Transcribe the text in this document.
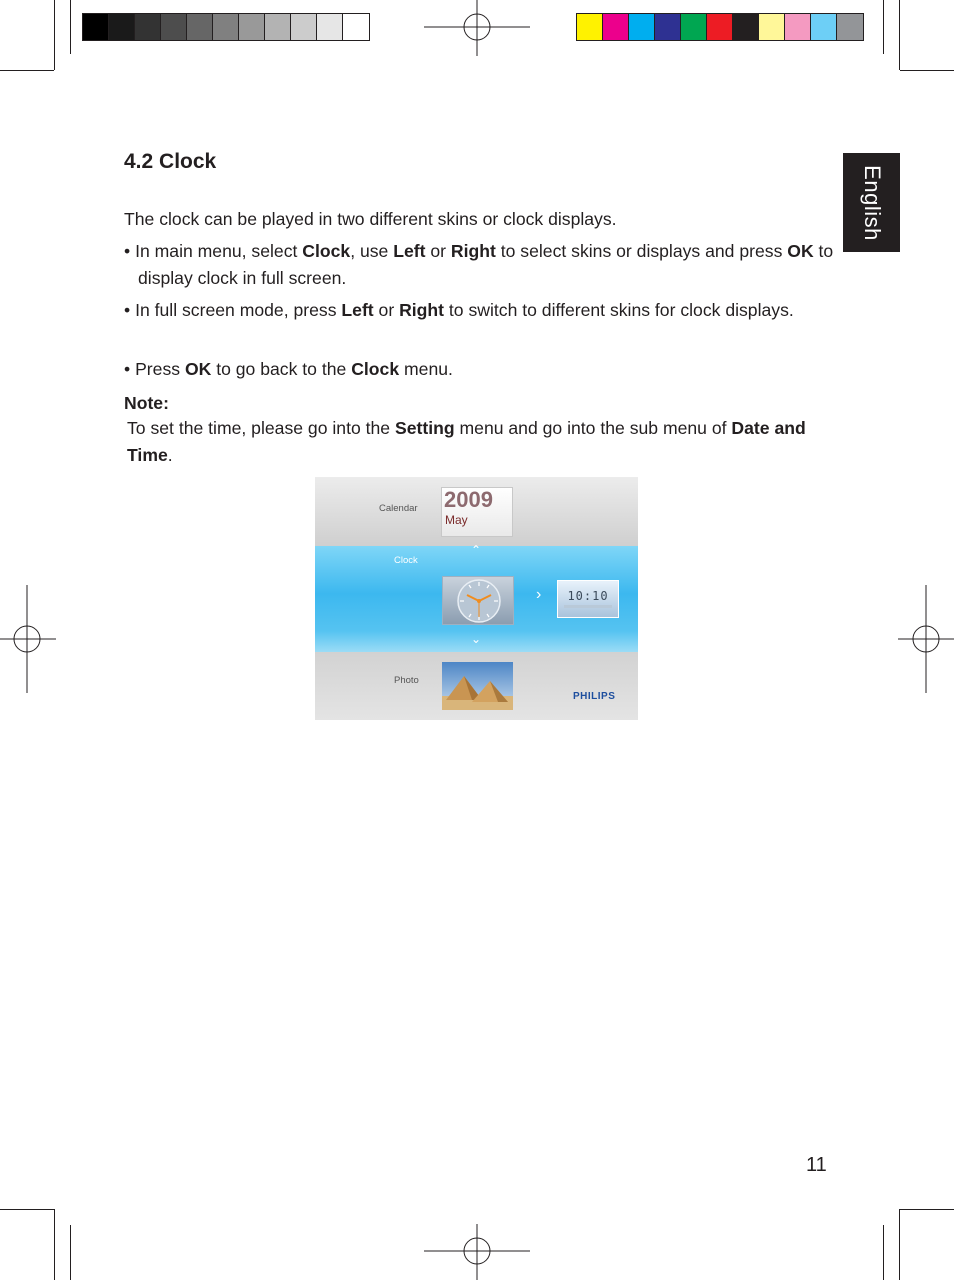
English
4.2 Clock

The clock can be played in two different skins or clock displays.

• In main menu, select Clock, use Left or Right to select skins or displays and press OK to display clock in full screen.

• In full screen mode, press Left or Right to switch to different skins for clock displays.

• Press OK to go back to the Clock menu.

Note:

To set the time, please go into the Setting menu and go into the sub menu of Date and Time.

Calendar 2009
May
Clock
⌃
⌄
›	10:10
Photo
PHILIPS
11
